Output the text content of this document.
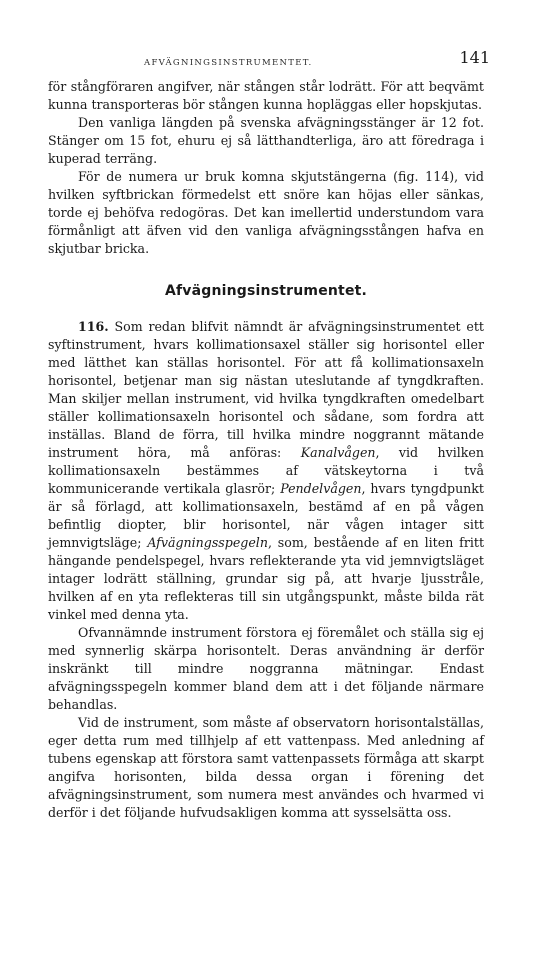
AFVÄGNINGSINSTRUMENTET.	141

för stångföraren angifver, när stången står lodrätt. För att beqvämt kunna transporteras bör stången kunna hopläggas eller hopskjutas.

Den vanliga längden på svenska afvägningsstänger är 12 fot. Stänger om 15 fot, ehuru ej så lätthandterliga, äro att föredraga i kuperad terräng.

För de numera ur bruk komna skjutstängerna (fig. 114), vid hvilken syftbrickan förmedelst ett snöre kan höjas eller sänkas, torde ej behöfva redogöras. Det kan imellertid understundom vara förmånligt att äfven vid den vanliga afvägningsstången hafva en skjutbar bricka.

Afvägningsinstrumentet.

116. Som redan blifvit nämndt är afvägningsinstrumentet ett syftinstrument, hvars kollimationsaxel ställer sig horisontel eller med lätthet kan ställas horisontel. För att få kollimationsaxeln horisontel, betjenar man sig nästan uteslutande af tyngdkraften. Man skiljer mellan instrument, vid hvilka tyngdkraften omedelbart ställer kollimationsaxeln horisontel och sådane, som fordra att inställas. Bland de förra, till hvilka mindre noggrannt mätande instrument höra, må anföras: Kanalvågen, vid hvilken kollimationsaxeln bestämmes af vätskeytorna i två kommunicerande vertikala glasrör; Pendelvågen, hvars tyngdpunkt är så förlagd, att kollimationsaxeln, bestämd af en på vågen befintlig diopter, blir horisontel, när vågen intager sitt jemnvigtsläge; Afvägningsspegeln, som, bestående af en liten fritt hängande pendelspegel, hvars reflekterande yta vid jemnvigtsläget intager lodrätt ställning, grundar sig på, att hvarje ljusstråle, hvilken af en yta reflekteras till sin utgångspunkt, måste bilda rät vinkel med denna yta.

Ofvannämnde instrument förstora ej föremålet och ställa sig ej med synnerlig skärpa horisontelt. Deras användning är derför inskränkt till mindre noggranna mätningar. Endast afvägningsspegeln kommer bland dem att i det följande närmare behandlas.

Vid de instrument, som måste af observatorn horisontalställas, eger detta rum med tillhjelp af ett vattenpass. Med anledning af tubens egenskap att förstora samt vattenpassets förmåga att skarpt angifva horisonten, bilda dessa organ i förening det afvägningsinstrument, som numera mest användes och hvarmed vi derför i det följande hufvudsakligen komma att sysselsätta oss.
